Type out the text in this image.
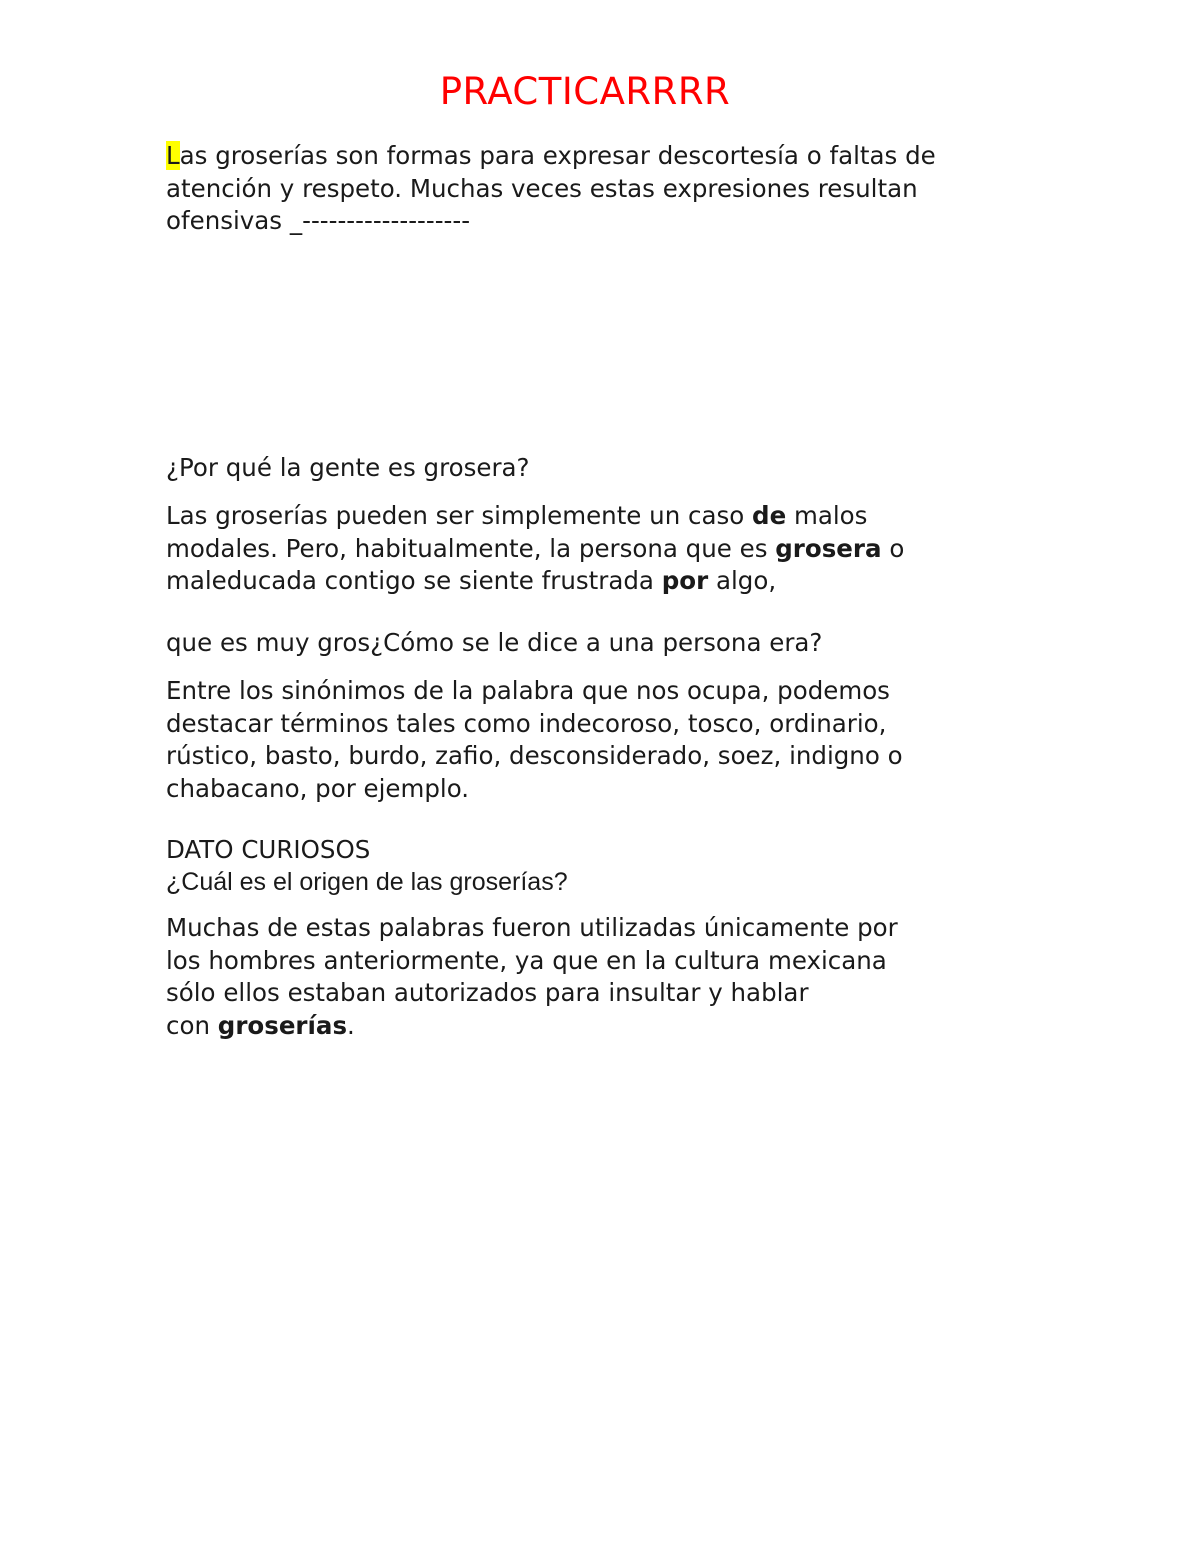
PRACTICARRRR
Las groserías son formas para expresar descortesía o faltas de
atención y respeto. Muchas veces estas expresiones resultan
ofensivas _-------------------
¿Por qué la gente es grosera?
Las groserías pueden ser simplemente un caso de malos
modales. Pero, habitualmente, la persona que es grosera o
maleducada contigo se siente frustrada por algo,
que es muy gros¿Cómo se le dice a una persona era?
Entre los sinónimos de la palabra que nos ocupa, podemos
destacar términos tales como indecoroso, tosco, ordinario,
rústico, basto, burdo, zafio, desconsiderado, soez, indigno o
chabacano, por ejemplo.
DATO CURIOSOS
¿Cuál es el origen de las groserías?
Muchas de estas palabras fueron utilizadas únicamente por
los hombres anteriormente, ya que en la cultura mexicana
sólo ellos estaban autorizados para insultar y hablar
con groserías.
